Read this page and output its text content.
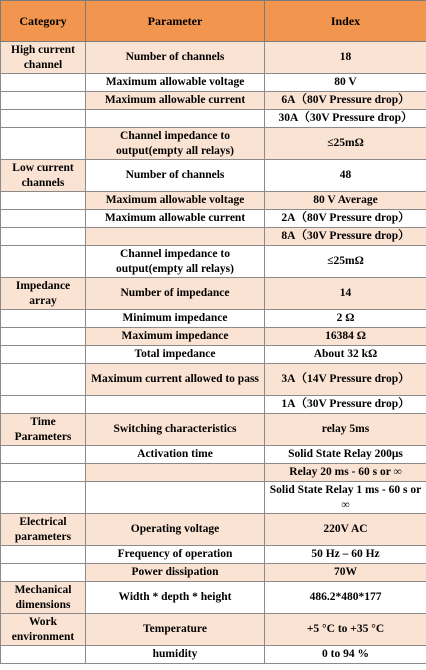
Category	Parameter	Index
High current channel	Number of channels	18
	Maximum allowable voltage	80 V
	Maximum allowable current	6A（80V Pressure drop）
		30A（30V Pressure drop）
	Channel impedance to output(empty all relays)	≤25mΩ
Low current channels	Number of channels	48
	Maximum allowable voltage	80 V Average
	Maximum allowable current	2A（80V Pressure drop）
		8A（30V Pressure drop）
	Channel impedance to output(empty all relays)	≤25mΩ
Impedance array	Number of impedance	14
	Minimum impedance	2 Ω
	Maximum impedance	16384 Ω
	Total impedance	About 32 kΩ
	Maximum current allowed to pass	3A（14V Pressure drop）
		1A（30V Pressure drop）
Time Parameters	Switching characteristics	relay 5ms
	Activation time	Solid State Relay 200μs
		Relay 20 ms - 60 s or ∞
		Solid State Relay 1 ms - 60 s or ∞
Electrical parameters	Operating voltage	220V AC
	Frequency of operation	50 Hz – 60 Hz
	Power dissipation	70W
Mechanical dimensions	Width * depth * height	486.2*480*177
Work environment	Temperature	+5 °C to +35 °C
	humidity	0 to 94 %
